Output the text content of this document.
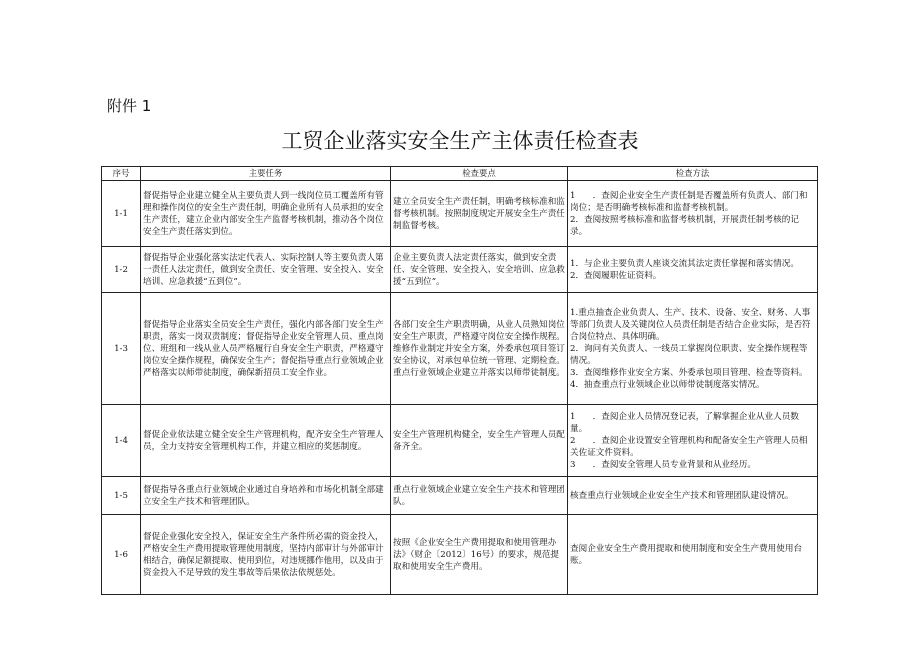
附件 1
工贸企业落实安全生产主体责任检查表
序号	主要任务	检查要点	检查方法
1-1	督促指导企业建立健全从主要负责人到一线岗位员工覆盖所有管理和操作岗位的安全生产责任制，明确企业所有人员承担的安全生产责任，建立企业内部安全生产监督考核机制，推动各个岗位安全生产责任落实到位。	建立全员安全生产责任制，明确考核标准和监督考核机制。按照制度规定开展安全生产责任制监督考核。	1　　．查阅企业安全生产责任制是否覆盖所有负责人、部门和岗位；是否明确考核标准和监督考核机制。
2．查阅按照考核标准和监督考核机制，开展责任制考核的记录。

1-2	督促指导企业强化落实法定代表人、实际控制人等主要负责人第一责任人法定责任，做到安全责任、安全管理、安全投入、安全培训、应急救援“五到位”。	企业主要负责人法定责任落实，做到安全责任、安全管理、安全投入、安全培训、应急救援“五到位”。	1．与企业主要负责人座谈交流其法定责任掌握和落实情况。
2．查阅履职佐证资料。

1-3	督促指导企业落实全员安全生产责任，强化内部各部门安全生产职责，落实一岗双责制度；督促指导企业安全管理人员、重点岗位、班组和一线从业人员严格履行自身安全生产职责，严格遵守岗位安全操作规程，确保安全生产；督促指导重点行业领域企业严格落实以师带徒制度，确保新招员工安全作业。	各部门安全生产职责明确，从业人员熟知岗位安全生产职责，严格遵守岗位安全操作规程。维修作业制定并安全方案，外委承包项目签订安全协议，对承包单位统一管理、定期检查。重点行业领域企业建立并落实以师带徒制度。	1.重点抽查企业负责人、生产、技术、设备、安全、财务、人事等部门负责人及关键岗位人员责任制是否结合企业实际，是否符合岗位特点、具体明确。
2．询问有关负责人、一线员工掌握岗位职责、安全操作规程等情况。
3．查阅维修作业安全方案、外委承包项目管理、检查等资料。
4．抽查重点行业领域企业以师带徒制度落实情况。

1-4	督促企业依法建立健全安全生产管理机构，配齐安全生产管理人员，全力支持安全管理机构工作，并建立相应的奖惩制度。	安全生产管理机构健全，安全生产管理人员配备齐全。	1　　．查阅企业人员情况登记表，了解掌握企业从业人员数量。
2　　．查阅企业设置安全管理机构和配备安全生产管理人员相关佐证文件资料。
3　　．查阅安全管理人员专业背景和从业经历。

1-5	督促指导各重点行业领域企业通过自身培养和市场化机制全部建立安全生产技术和管理团队。	重点行业领域企业建立安全生产技术和管理团队。	核查重点行业领域企业安全生产技术和管理团队建设情况。

1-6	督促企业强化安全投入，保证安全生产条件所必需的资金投入，严格安全生产费用提取管理使用制度，坚持内部审计与外部审计相结合，确保足额提取、使用到位，对违规挪作他用，以及由于资金投入不足导致的发生事故等后果依法依规惩处。	按照《企业安全生产费用提取和使用管理办法》（财企〔2012〕16号）的要求，规范提取和使用安全生产费用。	查阅企业安全生产费用提取和使用制度和安全生产费用使用台账。
